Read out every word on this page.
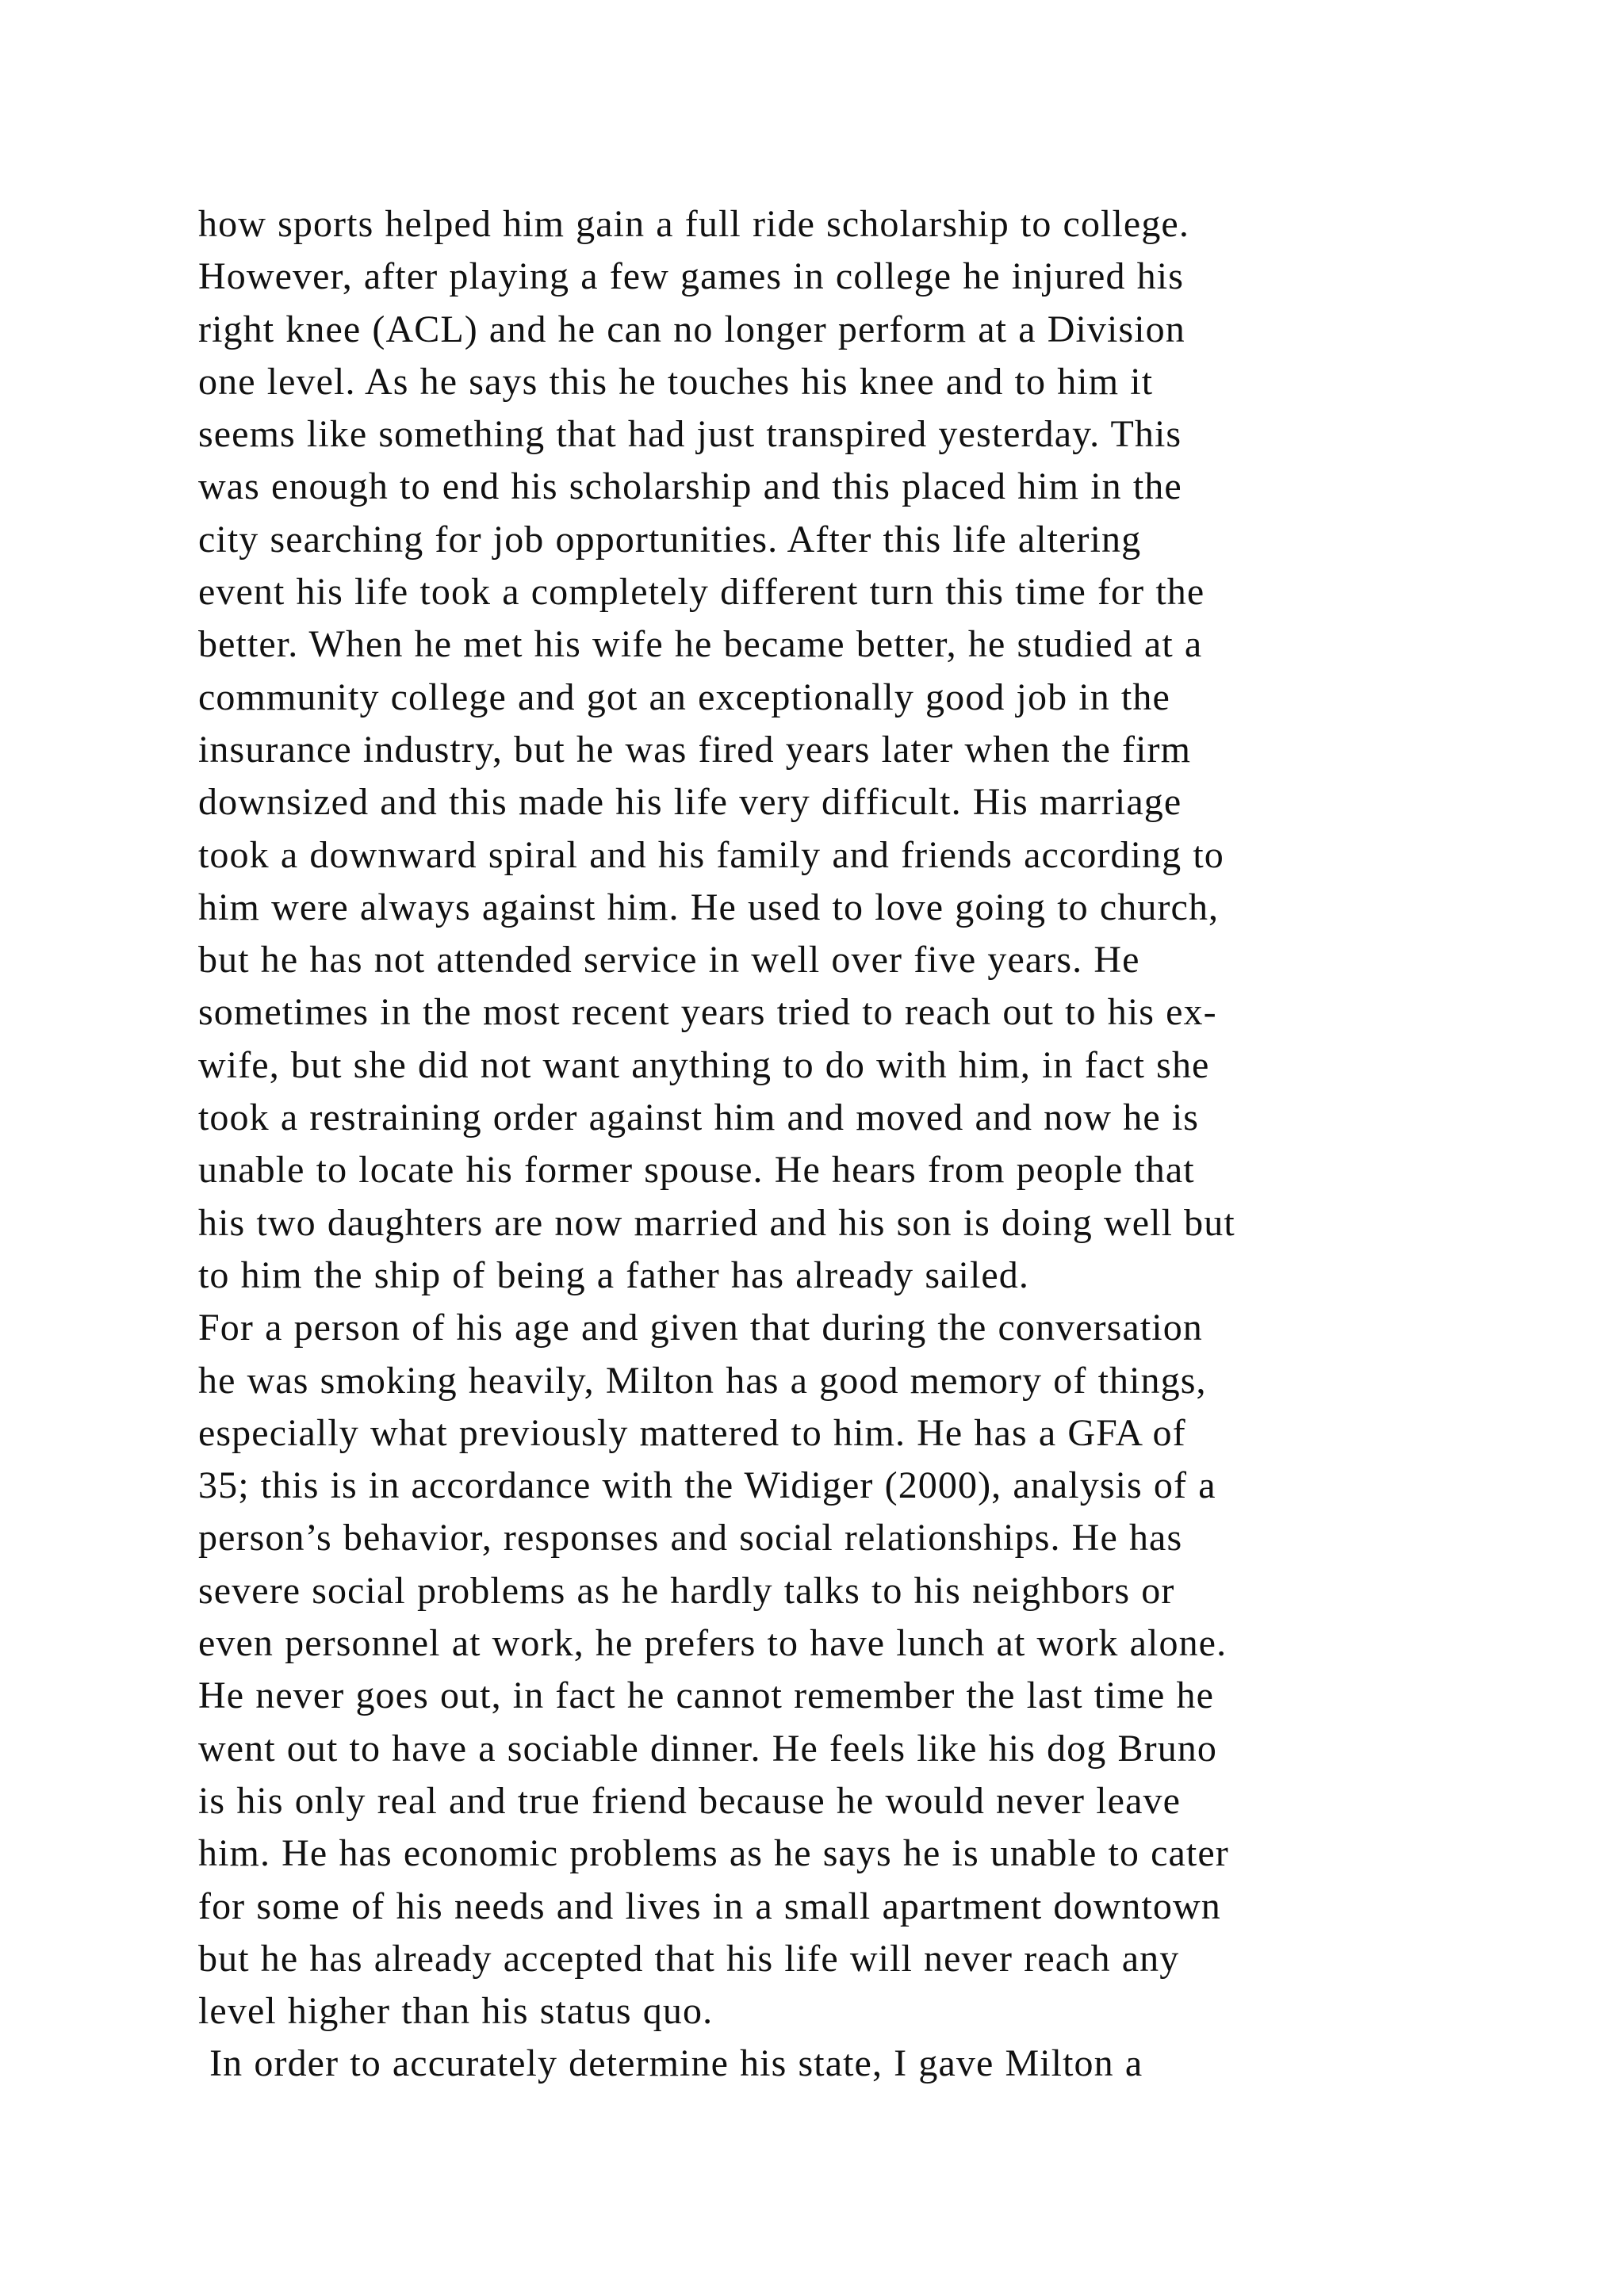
how sports helped him gain a full ride scholarship to college.
However, after playing a few games in college he injured his
right knee (ACL) and he can no longer perform at a Division
one level. As he says this he touches his knee and to him it
seems like something that had just transpired yesterday. This
was enough to end his scholarship and this placed him in the
city searching for job opportunities. After this life altering
event his life took a completely different turn this time for the
better. When he met his wife he became better, he studied at a
community college and got an exceptionally good job in the
insurance industry, but he was fired years later when the firm
downsized and this made his life very difficult. His marriage
took a downward spiral and his family and friends according to
him were always against him. He used to love going to church,
but he has not attended service in well over five years. He
sometimes in the most recent years tried to reach out to his ex-
wife, but she did not want anything to do with him, in fact she
took a restraining order against him and moved and now he is
unable to locate his former spouse. He hears from people that
his two daughters are now married and his son is doing well but
to him the ship of being a father has already sailed.
For a person of his age and given that during the conversation
he was smoking heavily, Milton has a good memory of things,
especially what previously mattered to him. He has a GFA of
35; this is in accordance with the Widiger (2000), analysis of a
person’s behavior, responses and social relationships. He has
severe social problems as he hardly talks to his neighbors or
even personnel at work, he prefers to have lunch at work alone.
He never goes out, in fact he cannot remember the last time he
went out to have a sociable dinner. He feels like his dog Bruno
is his only real and true friend because he would never leave
him. He has economic problems as he says he is unable to cater
for some of his needs and lives in a small apartment downtown
but he has already accepted that his life will never reach any
level higher than his status quo.
In order to accurately determine his state, I gave Milton a
